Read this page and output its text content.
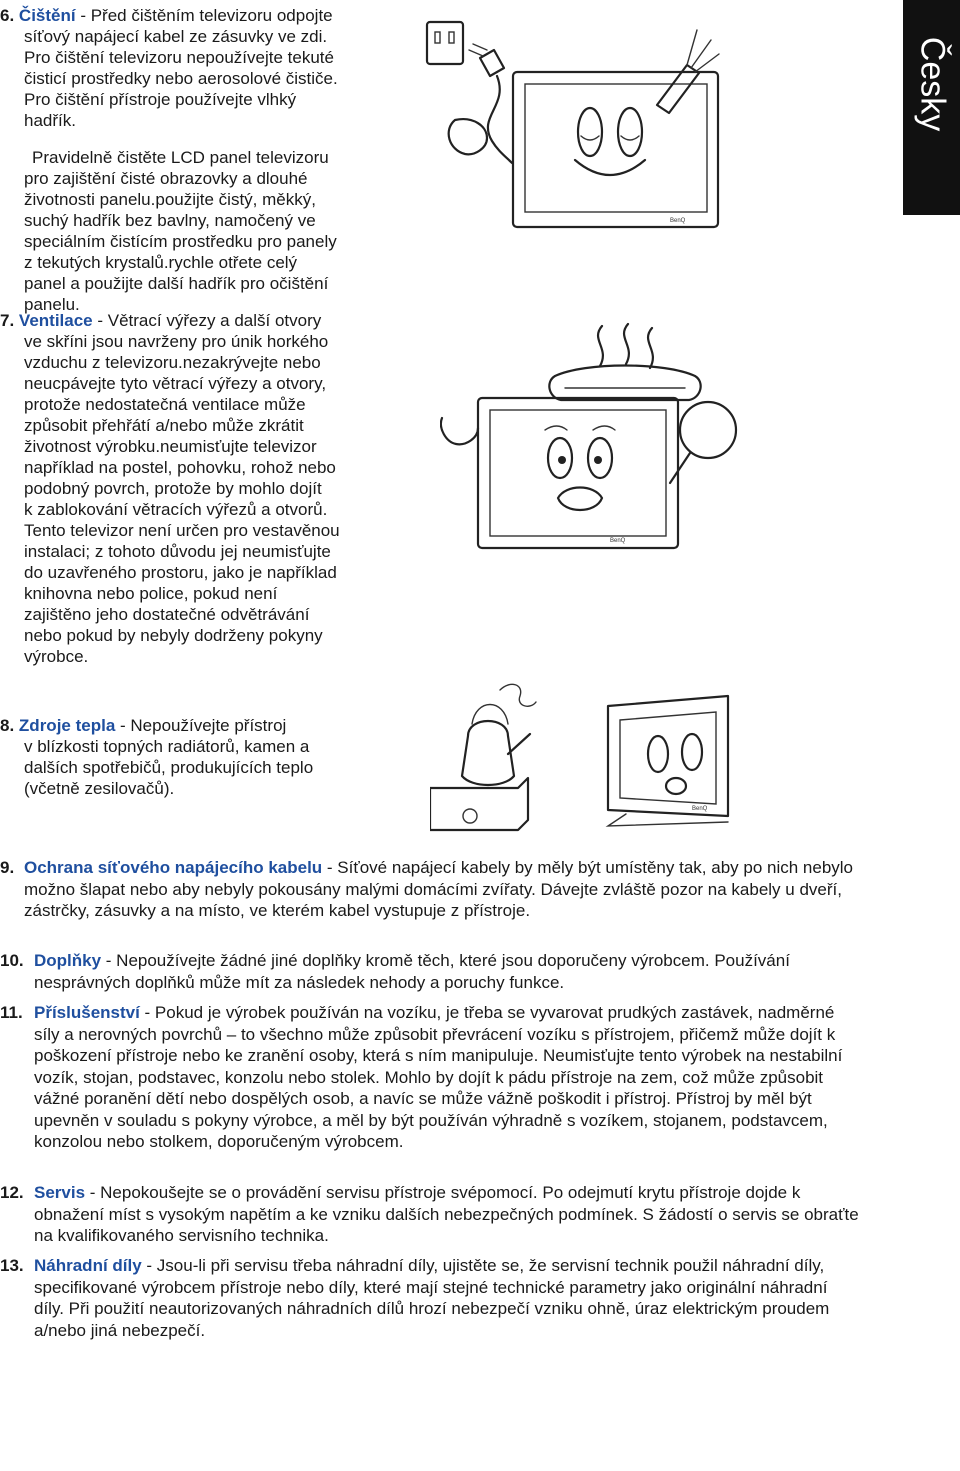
Česky

6. Čištění - Před čištěním televizoru odpojte

síťový napájecí kabel ze zásuvky ve zdi.

Pro čištění televizoru nepoužívejte tekuté

čisticí prostředky nebo aerosolové čističe.

Pro čištění přístroje používejte vlhký

hadřík.

Pravidelně čistěte LCD panel televizoru

pro zajištění čisté obrazovky a dlouhé

životnosti panelu.použijte čistý, měkký,

suchý hadřík bez bavlny, namočený ve

speciálním čistícím prostředku pro panely

z tekutých krystalů.rychle otřete celý

panel a použijte další hadřík pro očištění

panelu.

7. Ventilace - Větrací výřezy a další otvory

ve skříni jsou navrženy pro únik horkého

vzduchu z televizoru.nezakrývejte nebo

neucpávejte tyto větrací výřezy a otvory,

protože nedostatečná ventilace může

způsobit přehřátí a/nebo může zkrátit

životnost výrobku.neumisťujte televizor

například na postel, pohovku, rohož nebo

podobný povrch, protože by mohlo dojít

k zablokování větracích výřezů a otvorů.

Tento televizor není určen pro vestavěnou

instalaci; z tohoto důvodu jej neumisťujte

do uzavřeného prostoru, jako je například

knihovna nebo police, pokud není

zajištěno jeho dostatečné odvětrávání

nebo pokud by nebyly dodrženy pokyny

výrobce.

8. Zdroje tepla - Nepoužívejte přístroj

v blízkosti topných radiátorů, kamen a

dalších spotřebičů, produkujících teplo

(včetně zesilovačů).

9. Ochrana síťového napájecího kabelu - Síťové napájecí kabely by měly být umístěny tak, aby po nich nebylo možno šlapat nebo aby nebyly pokousány malými domácími zvířaty. Dávejte zvláště pozor na kabely u dveří, zástrčky, zásuvky a na místo, ve kterém kabel vystupuje z přístroje.
10. Doplňky - Nepoužívejte žádné jiné doplňky kromě těch, které jsou doporučeny výrobcem. Používání nesprávných doplňků může mít za následek nehody a poruchy funkce.
11. Příslušenství - Pokud je výrobek používán na vozíku, je třeba se vyvarovat prudkých zastávek, nadměrné síly a nerovných povrchů – to všechno může způsobit převrácení vozíku s přístrojem, přičemž může dojít k poškození přístroje nebo ke zranění osoby, která s ním manipuluje. Neumisťujte tento výrobek na nestabilní vozík, stojan, podstavec, konzolu nebo stolek. Mohlo by dojít k pádu přístroje na zem, což může způsobit vážné poranění dětí nebo dospělých osob, a navíc se může vážně poškodit i přístroj. Přístroj by měl být upevněn v souladu s pokyny výrobce, a měl by být používán výhradně s vozíkem, stojanem, podstavcem, konzolou nebo stolkem, doporučeným výrobcem.
12. Servis - Nepokoušejte se o provádění servisu přístroje svépomocí. Po odejmutí krytu přístroje dojde k obnažení míst s vysokým napětím a ke vzniku dalších nebezpečných podmínek. S žádostí o servis se obraťte na kvalifikovaného servisního technika.
13. Náhradní díly - Jsou-li při servisu třeba náhradní díly, ujistěte se, že servisní technik použil náhradní díly, specifikované výrobcem přístroje nebo díly, které mají stejné technické parametry jako originální náhradní díly. Při použití neautorizovaných náhradních dílů hrozí nebezpečí vzniku ohně, úraz elektrickým proudem a/nebo jiná nebezpečí.
BenQ
BenQ
BenQ
